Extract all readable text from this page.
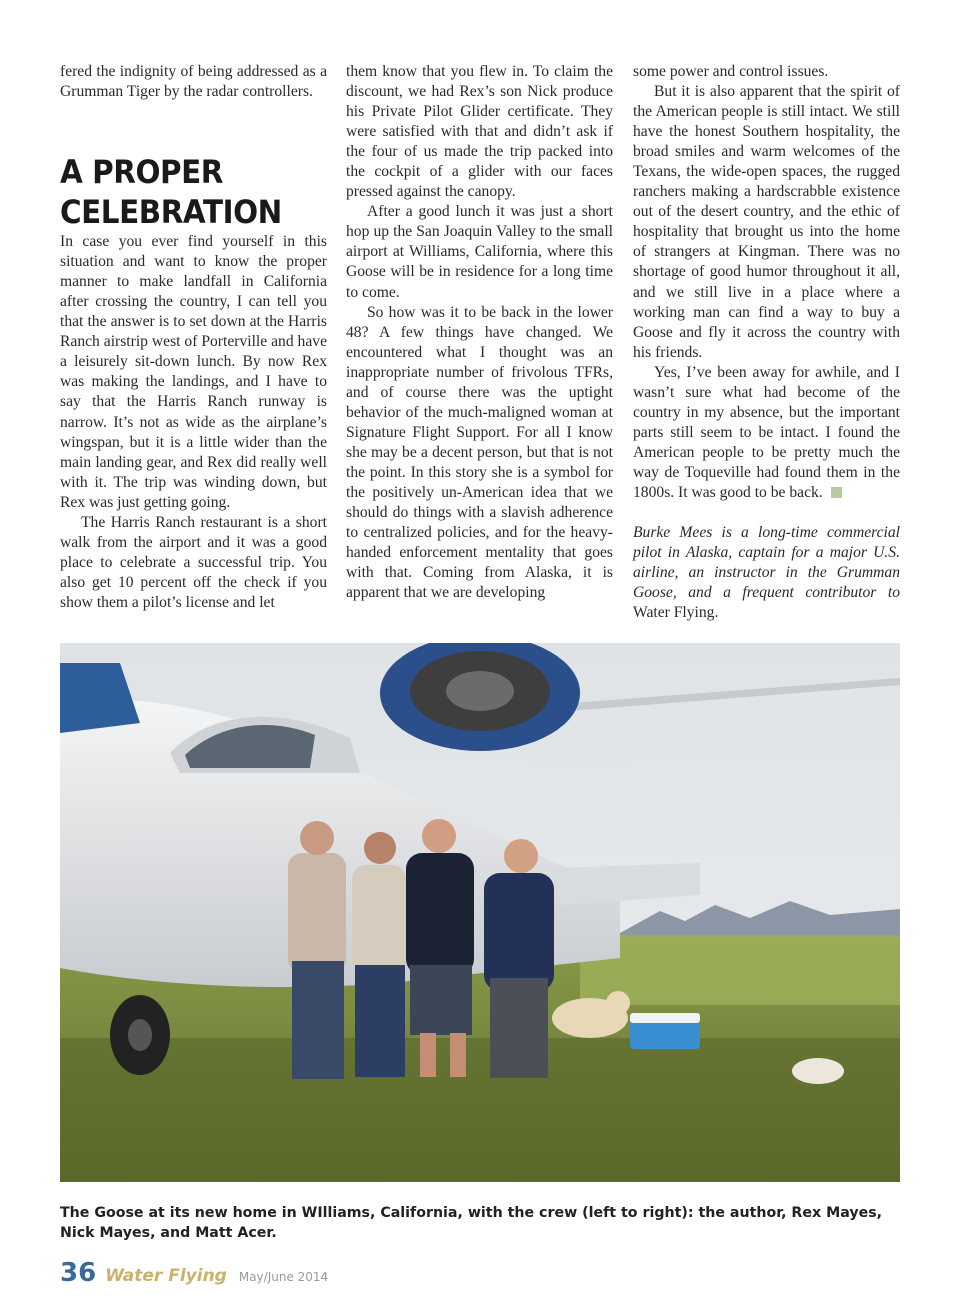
fered the indignity of being addressed as a Grumman Tiger by the radar controllers.

A PROPER
CELEBRATION

In case you ever find yourself in this situation and want to know the proper manner to make landfall in California after crossing the country, I can tell you that the answer is to set down at the Harris Ranch airstrip west of Porterville and have a leisurely sit-down lunch. By now Rex was making the landings, and I have to say that the Harris Ranch runway is narrow. It’s not as wide as the airplane’s wingspan, but it is a little wider than the main landing gear, and Rex did really well with it. The trip was winding down, but Rex was just getting going.

The Harris Ranch restaurant is a short walk from the airport and it was a good place to celebrate a successful trip. You also get 10 percent off the check if you show them a pilot’s license and let

them know that you flew in. To claim the discount, we had Rex’s son Nick produce his Private Pilot Glider certificate. They were satisfied with that and didn’t ask if the four of us made the trip packed into the cockpit of a glider with our faces pressed against the canopy.

After a good lunch it was just a short hop up the San Joaquin Valley to the small airport at Williams, California, where this Goose will be in residence for a long time to come.

So how was it to be back in the lower 48? A few things have changed. We encountered what I thought was an inappropriate number of frivolous TFRs, and of course there was the uptight behavior of the much-maligned woman at Signature Flight Support. For all I know she may be a decent person, but that is not the point. In this story she is a symbol for the positively un-American idea that we should do things with a slavish adherence to centralized policies, and for the heavy-handed enforcement mentality that goes with that. Coming from Alaska, it is apparent that we are developing

some power and control issues.

But it is also apparent that the spirit of the American people is still intact. We still have the honest Southern hospitality, the broad smiles and warm welcomes of the Texans, the wide-open spaces, the rugged ranchers making a hardscrabble existence out of the desert country, and the ethic of hospitality that brought us into the home of strangers at Kingman. There was no shortage of good humor throughout it all, and we still live in a place where a working man can find a way to buy a Goose and fly it across the country with his friends.

Yes, I’ve been away for awhile, and I wasn’t sure what had become of the country in my absence, but the important parts still seem to be intact. I found the American people to be pretty much the way de Toqueville had found them in the 1800s. It was good to be back.

Burke Mees is a long-time commercial pilot in Alaska, captain for a major U.S. airline, an instructor in the Grumman Goose, and a frequent contributor to Water Flying.

The Goose at its new home in WIlliams, California, with the crew (left to right): the author, Rex Mayes, Nick Mayes, and Matt Acer.
36 Water Flying May/June 2014
